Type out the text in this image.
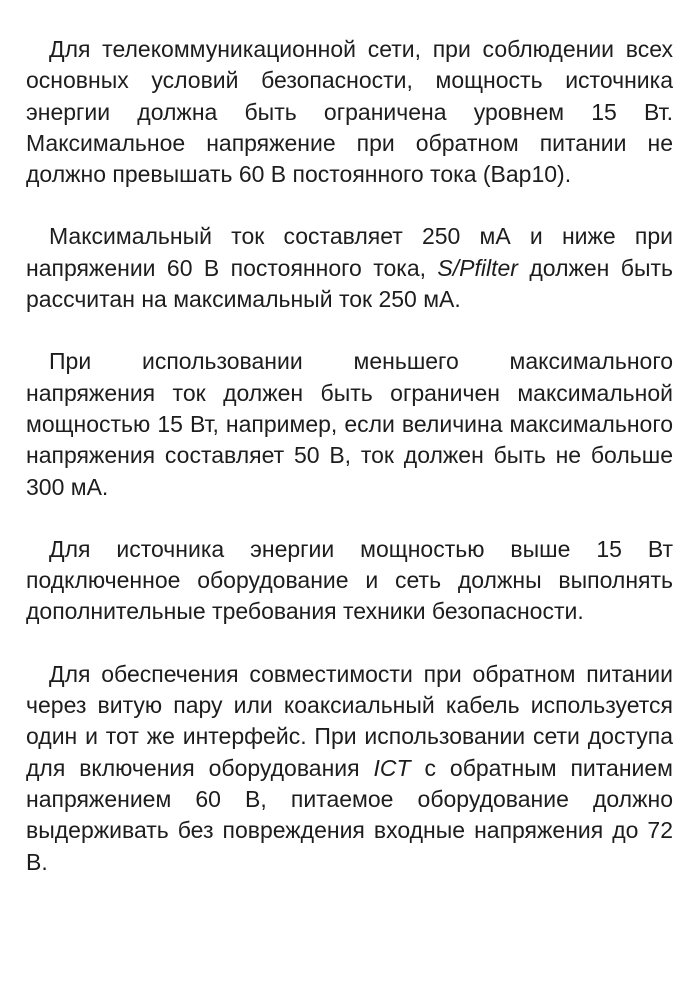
Для телекоммуникационной сети, при соблюдении всех основных условий безопасности, мощность источника энергии должна быть ограничена уровнем 15 Вт. Максимальное напряжение при обратном питании не должно превышать 60 В постоянного тока (Вар10).

Максимальный ток составляет 250 мА и ниже при напряжении 60 В постоянного тока, S/Pfilter должен быть рассчитан на максимальный ток 250 мА.

При использовании меньшего максимального напряжения ток должен быть ограничен максимальной мощностью 15 Вт, например, если величина максимального напряжения составляет 50 В, ток должен быть не больше 300 мА.

Для источника энергии мощностью выше 15 Вт подключенное оборудование и сеть должны выполнять дополнительные требования техники безопасности.

Для обеспечения совместимости при обратном питании через витую пару или коаксиальный кабель используется один и тот же интерфейс. При использовании сети доступа для включения оборудования ICT с обратным питанием напряжением 60 В, питаемое оборудование должно выдерживать без повреждения входные напряжения до 72 В.
